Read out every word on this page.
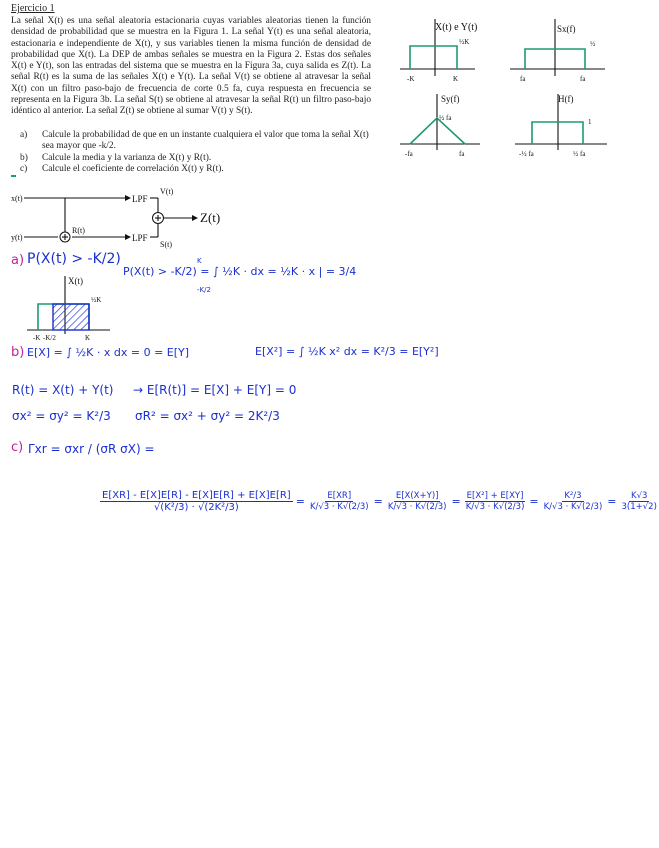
Ejercicio 1

La señal X(t) es una señal aleatoria estacionaria cuyas variables aleatorias tienen la función densidad de probabilidad que se muestra en la Figura 1. La señal Y(t) es una señal aleatoria, estacionaria e independiente de X(t), y sus variables tienen la misma función de densidad de probabilidad que X(t). La DEP de ambas señales se muestra en la Figura 2. Estas dos señales X(t) e Y(t), son las entradas del sistema que se muestra en la Figura 3a, cuya salida es Z(t). La señal R(t) es la suma de las señales X(t) e Y(t). La señal V(t) se obtiene al atravesar la señal X(t) con un filtro paso-bajo de frecuencia de corte 0.5 fa, cuya respuesta en frecuencia se representa en la Figura 3b. La señal S(t) se obtiene al atravesar la señal R(t) un filtro paso-bajo idéntico al anterior. La señal Z(t) se obtiene al sumar V(t) y S(t).

a)	Calcule la probabilidad de que en un instante cualquiera el valor que toma la señal X(t) sea mayor que -k/2.
b)	Calcule la media y la varianza de X(t) y R(t).
c)	Calcule el coeficiente de correlación X(t) y R(t).
-K	K
½K
X(t) e Y(t)
fa	fa
½
Sx(f)
-fa	fa
½ fa
Sy(f)
-½ fa	½ fa
1
H(f)
x(t)
y(t)
R(t)
LPF
LPF
V(t)
S(t)
Z(t)
a) P(X(t) > -K/2)
P(X(t) > -K/2) = ∫ ½K · dx = ½K · x | = 3/4
K
-K/2
-K -K/2	K
½K
X(t)
b) E[X] = ∫ ½K · x dx = 0 = E[Y]	E[X²] = ∫ ½K x² dx = K²/3 = E[Y²]
R(t) = X(t) + Y(t) → E[R(t)] = E[X] + E[Y] = 0
σx² = σy² = K²/3 σR² = σx² + σy² = 2K²/3
c) Γxr = σxr / (σR σX) =
$\frac{E[XR] - E[X]E[R] - E[X]E[R] + E[X]E[R]}{\text{√(K²/3) · √(2K²/3)}} = \frac{E[XR]}{K/√3 \cdot K√(2/3)} = \frac{E[X(X+Y)]}{K/√3 \cdot K√(2/3)} = \frac{\text{E[X²] + E[XY]}}{K/√3 \cdot K√(2/3)} = \frac{\text{K²/3}}{K/√3 \cdot K√(2/3)} = \frac{K√3}{3(1+√2)}$
